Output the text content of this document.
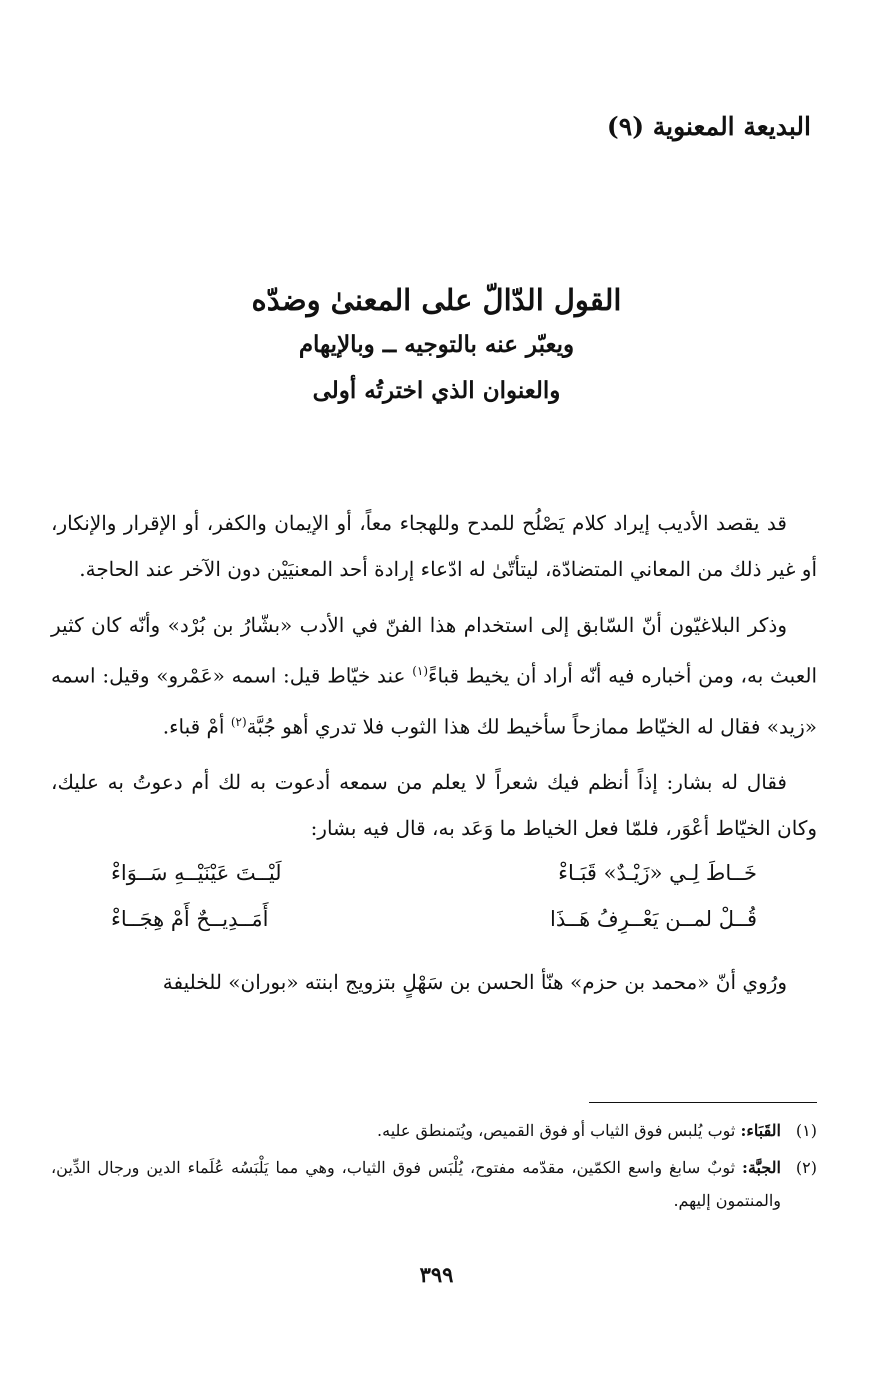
البديعة المعنوية (٩)
القول الدّالّ على المعنىٰ وضدّه

ويعبّر عنه بالتوجيه ــ وبالإيهام

والعنوان الذي اخترتُه أولى

قد يقصد الأديب إيراد كلام يَصْلُح للمدح وللهجاء معاً، أو الإيمان والكفر، أو الإقرار والإنكار، أو غير ذلك من المعاني المتضادّة، ليتأتّىٰ له ادّعاء إرادة أحد المعنيَيْن دون الآخر عند الحاجة.

وذكر البلاغيّون أنّ السّابق إلى استخدام هذا الفنّ في الأدب «بشّارُ بن بُرْد» وأنّه كان كثير العبث به، ومن أخباره فيه أنّه أراد أن يخيط قباءً$^{(١)}$ عند خيّاط قيل: اسمه «عَمْرو» وقيل: اسمه «زيد» فقال له الخيّاط ممازحاً سأخيط لك هذا الثوب فلا تدري أهو جُبَّة$^{(٢)}$ أمْ قباء.

فقال له بشار: إذاً أنظم فيك شعراً لا يعلم من سمعه أدعوت به لك أم دعوتُ به عليك، وكان الخيّاط أعْوَر، فلمّا فعل الخياط ما وَعَد به، قال فيه بشار:

خَــاطَ لِـي «زَيْـدٌ» قَبَـاءْ
لَيْــتَ عَيْنَيْــهِ سَــوَاءْ
قُــلْ لمــن يَعْــرِفُ هَــذَا
أَمَــدِيــحٌ أَمْ هِجَــاءْ

ورُوي أنّ «محمد بن حزم» هنّأ الحسن بن سَهْلٍ بتزويج ابنته «بوران» للخليفة

(١)
القَبَاء: ثوب يُلبس فوق الثياب أو فوق القميص، ويُتمنطق عليه.
(٢)
الجبَّة: ثوبٌ سابغ واسع الكمّين، مقدّمه مفتوح، يُلْبَس فوق الثياب، وهي مما يَلْبَسُه عُلَماء الدين ورجال الدِّين، والمنتمون إليهم.
٣٩٩
